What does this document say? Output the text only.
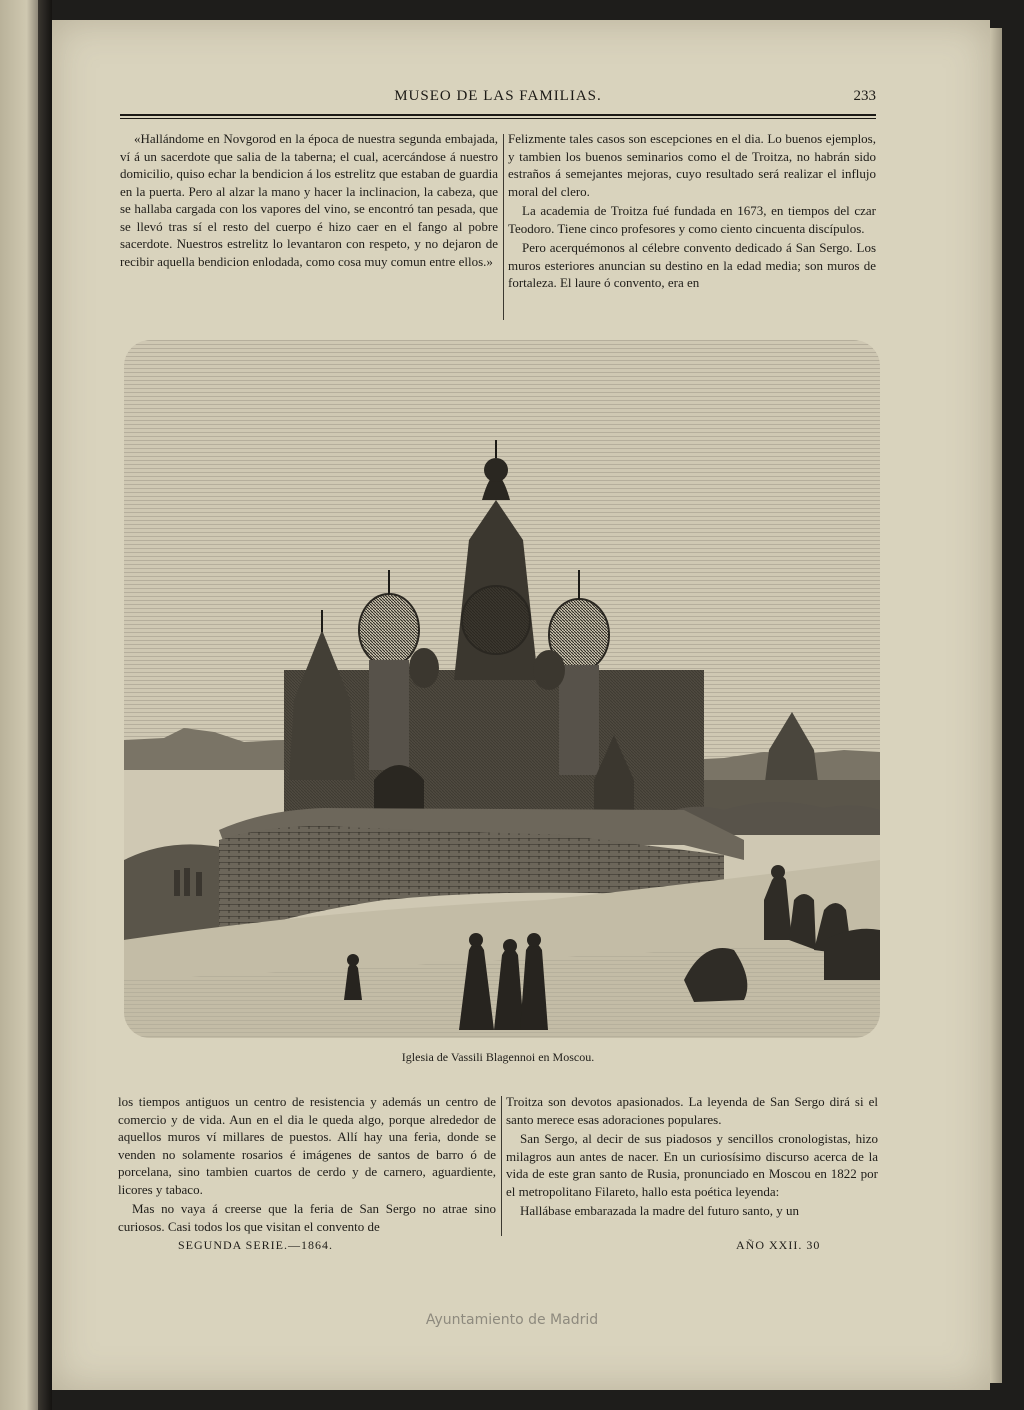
MUSEO DE LAS FAMILIAS.	233

«Hallándome en Novgorod en la época de nuestra segunda embajada, ví á un sacerdote que salia de la taberna; el cual, acercándose á nuestro domicilio, quiso echar la bendicion á los estrelitz que estaban de guardia en la puerta. Pero al alzar la mano y hacer la inclinacion, la cabeza, que se hallaba cargada con los vapores del vino, se encontró tan pesada, que se llevó tras sí el resto del cuerpo é hizo caer en el fango al pobre sacerdote. Nuestros estrelitz lo levantaron con respeto, y no dejaron de recibir aquella bendicion enlodada, como cosa muy comun entre ellos.»

Felizmente tales casos son escepciones en el dia. Lo buenos ejemplos, y tambien los buenos seminarios como el de Troitza, no habrán sido estraños á semejantes mejoras, cuyo resultado será realizar el influjo moral del clero.

La academia de Troitza fué fundada en 1673, en tiempos del czar Teodoro. Tiene cinco profesores y como ciento cincuenta discípulos.

Pero acerquémonos al célebre convento dedicado á San Sergo. Los muros esteriores anuncian su destino en la edad media; son muros de fortaleza. El laure ó convento, era en

Iglesia de Vassili Blagennoi en Moscou.

los tiempos antiguos un centro de resistencia y además un centro de comercio y de vida. Aun en el dia le queda algo, porque alrededor de aquellos muros ví millares de puestos. Allí hay una feria, donde se venden no solamente rosarios é imágenes de santos de barro ó de porcelana, sino tambien cuartos de cerdo y de carnero, aguardiente, licores y tabaco.

Mas no vaya á creerse que la feria de San Sergo no atrae sino curiosos. Casi todos los que visitan el convento de

Troitza son devotos apasionados. La leyenda de San Sergo dirá si el santo merece esas adoraciones populares.

San Sergo, al decir de sus piadosos y sencillos cronologistas, hizo milagros aun antes de nacer. En un curiosísimo discurso acerca de la vida de este gran santo de Rusia, pronunciado en Moscou en 1822 por el metropolitano Filareto, hallo esta poética leyenda:

Hallábase embarazada la madre del futuro santo, y un

SEGUNDA SERIE.—1864.	AÑO XXII. 30
Ayuntamiento de Madrid
